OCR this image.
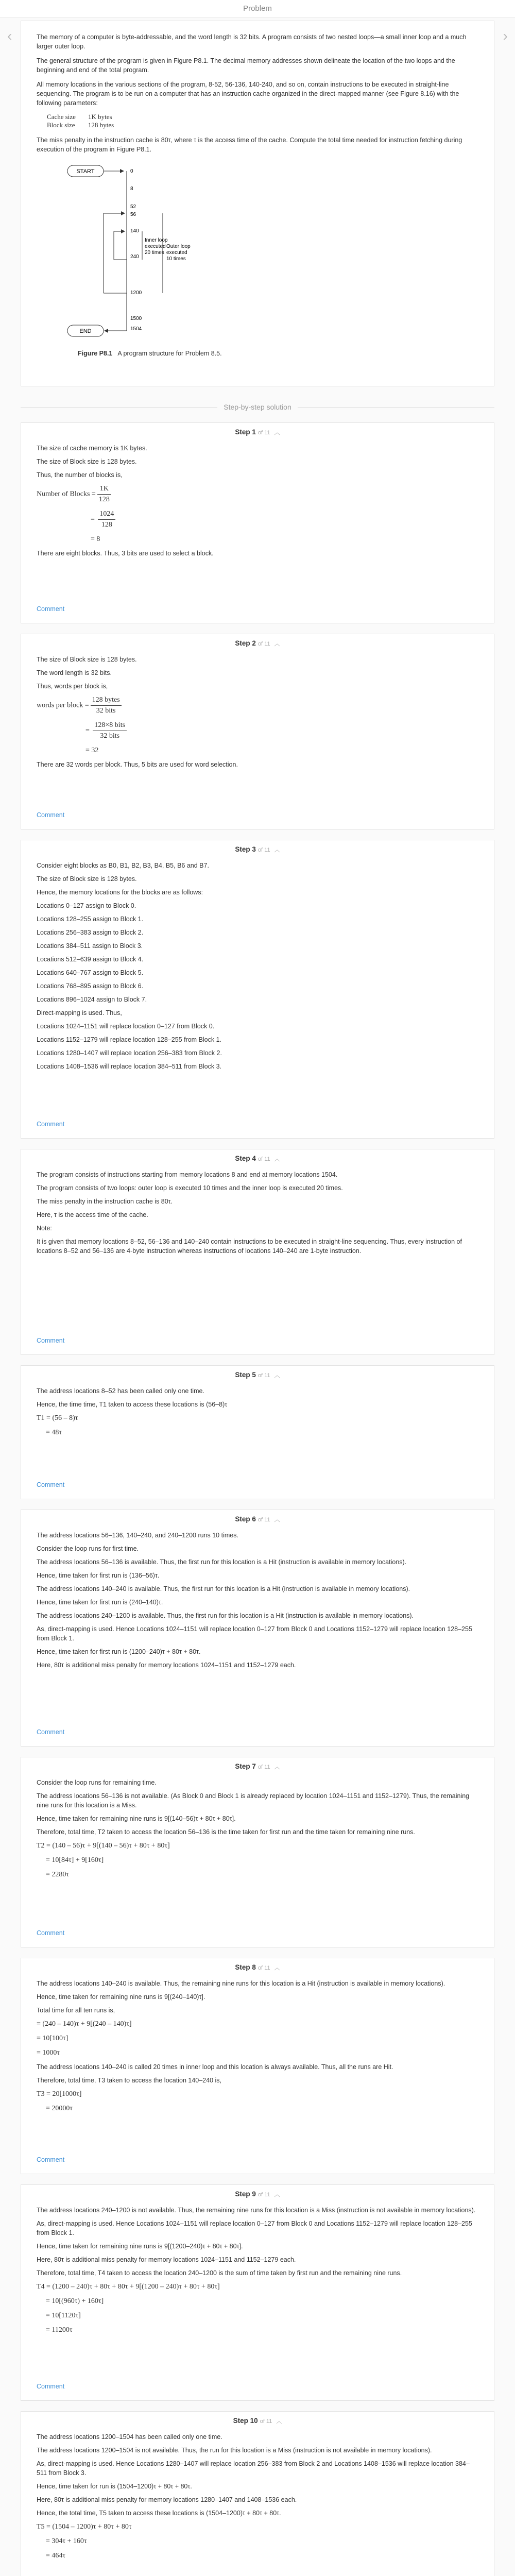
Problem
‹	›

The memory of a computer is byte-addressable, and the word length is 32 bits. A program consists of two nested loops—a small inner loop and a much larger outer loop.

The general structure of the program is given in Figure P8.1. The decimal memory addresses shown delineate the location of the two loops and the beginning and end of the total program.

All memory locations in the various sections of the program, 8-52, 56-136, 140-240, and so on, contain instructions to be executed in straight-line sequencing. The program is to be run on a computer that has an instruction cache organized in the direct-mapped manner (see Figure 8.16) with the following parameters:

Cache size	1K bytes
Block size	128 bytes

The miss penalty in the instruction cache is 80τ, where τ is the access time of the cache. Compute the total time needed for instruction fetching during execution of the program in Figure P8.1.

START	0
8
52
56
140
240
1200
1500
1504
Inner loop executed 20 times
Outer loop executed 10 times
END
Figure P8.1 A program structure for Problem 8.5.
Step-by-step solution
Step 1 of 11 ︿

The size of cache memory is 1K bytes.

The size of Block size is 128 bytes.

Thus, the number of blocks is,

Number of Blocks = $\frac{1K}{128}$
= $\frac{1024}{128}$
= 8

There are eight blocks. Thus, 3 bits are used to select a block.

Comment
Step 2 of 11 ︿

The size of Block size is 128 bytes.

The word length is 32 bits.

Thus, words per block is,

words per block = $\frac{\text{128 bytes}}{\text{32 bits}}$
= $\frac{\text{128×8 bits}}{\text{32 bits}}$
= 32

There are 32 words per block. Thus, 5 bits are used for word selection.

Comment
Step 3 of 11 ︿

Consider eight blocks as B0, B1, B2, B3, B4, B5, B6 and B7.

The size of Block size is 128 bytes.

Hence, the memory locations for the blocks are as follows:

Locations 0–127 assign to Block 0.

Locations 128–255 assign to Block 1.

Locations 256–383 assign to Block 2.

Locations 384–511 assign to Block 3.

Locations 512–639 assign to Block 4.

Locations 640–767 assign to Block 5.

Locations 768–895 assign to Block 6.

Locations 896–1024 assign to Block 7.

Direct-mapping is used. Thus,

Locations 1024–1151 will replace location 0–127 from Block 0.

Locations 1152–1279 will replace location 128–255 from Block 1.

Locations 1280–1407 will replace location 256–383 from Block 2.

Locations 1408–1536 will replace location 384–511 from Block 3.

Comment
Step 4 of 11 ︿

The program consists of instructions starting from memory locations 8 and end at memory locations 1504.

The program consists of two loops: outer loop is executed 10 times and the inner loop is executed 20 times.

The miss penalty in the instruction cache is 80τ.

Here, τ is the access time of the cache.

Note:

It is given that memory locations 8–52, 56–136 and 140–240 contain instructions to be executed in straight-line sequencing. Thus, every instruction of locations 8–52 and 56–136 are 4-byte instruction whereas instructions of locations 140–240 are 1-byte instruction.

Comment
Step 5 of 11 ︿

The address locations 8–52 has been called only one time.

Hence, the time time, T1 taken to access these locations is (56–8)τ

T1 = (56 – 8)τ
= 48τ
Comment
Step 6 of 11 ︿

The address locations 56–136, 140–240, and 240–1200 runs 10 times.

Consider the loop runs for first time.

The address locations 56–136 is available. Thus, the first run for this location is a Hit (instruction is available in memory locations).

Hence, time taken for first run is (136–56)τ.

The address locations 140–240 is available. Thus, the first run for this location is a Hit (instruction is available in memory locations).

Hence, time taken for first run is (240–140)τ.

The address locations 240–1200 is available. Thus, the first run for this location is a Hit (instruction is available in memory locations).

As, direct-mapping is used. Hence Locations 1024–1151 will replace location 0–127 from Block 0 and Locations 1152–1279 will replace location 128–255 from Block 1.

Hence, time taken for first run is (1200–240)τ + 80τ + 80τ.

Here, 80τ is additional miss penalty for memory locations 1024–1151 and 1152–1279 each.

Comment
Step 7 of 11 ︿

Consider the loop runs for remaining time.

The address locations 56–136 is not available. (As Block 0 and Block 1 is already replaced by location 1024–1151 and 1152–1279). Thus, the remaining nine runs for this location is a Miss.

Hence, time taken for remaining nine runs is 9[(140–56)τ + 80τ + 80τ].

Therefore, total time, T2 taken to access the location 56–136 is the time taken for first run and the time taken for remaining nine runs.

T2 = (140 – 56)τ + 9[(140 – 56)τ + 80τ + 80τ]
= 10[84τ] + 9[160τ]
= 2280τ
Comment
Step 8 of 11 ︿

The address locations 140–240 is available. Thus, the remaining nine runs for this location is a Hit (instruction is available in memory locations).

Hence, time taken for remaining nine runs is 9[(240–140)τ].

Total time for all ten runs is,

= (240 – 140)τ + 9[(240 – 140)τ]
= 10[100τ]
= 1000τ

The address locations 140–240 is called 20 times in inner loop and this location is always available. Thus, all the runs are Hit.

Therefore, total time, T3 taken to access the location 140–240 is,

T3 = 20[1000τ]
= 20000τ
Comment
Step 9 of 11 ︿

The address locations 240–1200 is not available. Thus, the remaining nine runs for this location is a Miss (instruction is not available in memory locations).

As, direct-mapping is used. Hence Locations 1024–1151 will replace location 0–127 from Block 0 and Locations 1152–1279 will replace location 128–255 from Block 1.

Hence, time taken for remaining nine runs is 9[(1200–240)τ + 80τ + 80τ].

Here, 80τ is additional miss penalty for memory locations 1024–1151 and 1152–1279 each.

Therefore, total time, T4 taken to access the location 240–1200 is the sum of time taken by first run and the remaining nine runs.

T4 = (1200 – 240)τ + 80τ + 80τ + 9[(1200 – 240)τ + 80τ + 80τ]
= 10[(960τ) + 160τ]
= 10[1120τ]
= 11200τ
Comment
Step 10 of 11 ︿

The address locations 1200–1504 has been called only one time.

The address locations 1200–1504 is not available. Thus, the run for this location is a Miss (instruction is not available in memory locations).

As, direct-mapping is used. Hence Locations 1280–1407 will replace location 256–383 from Block 2 and Locations 1408–1536 will replace location 384–511 from Block 3.

Hence, time taken for run is (1504–1200)τ + 80τ + 80τ.

Here, 80τ is additional miss penalty for memory locations 1280–1407 and 1408–1536 each.

Hence, the total time, T5 taken to access these locations is (1504–1200)τ + 80τ + 80τ.

T5 = (1504 – 1200)τ + 80τ + 80τ
= 304τ + 160τ
= 464τ
